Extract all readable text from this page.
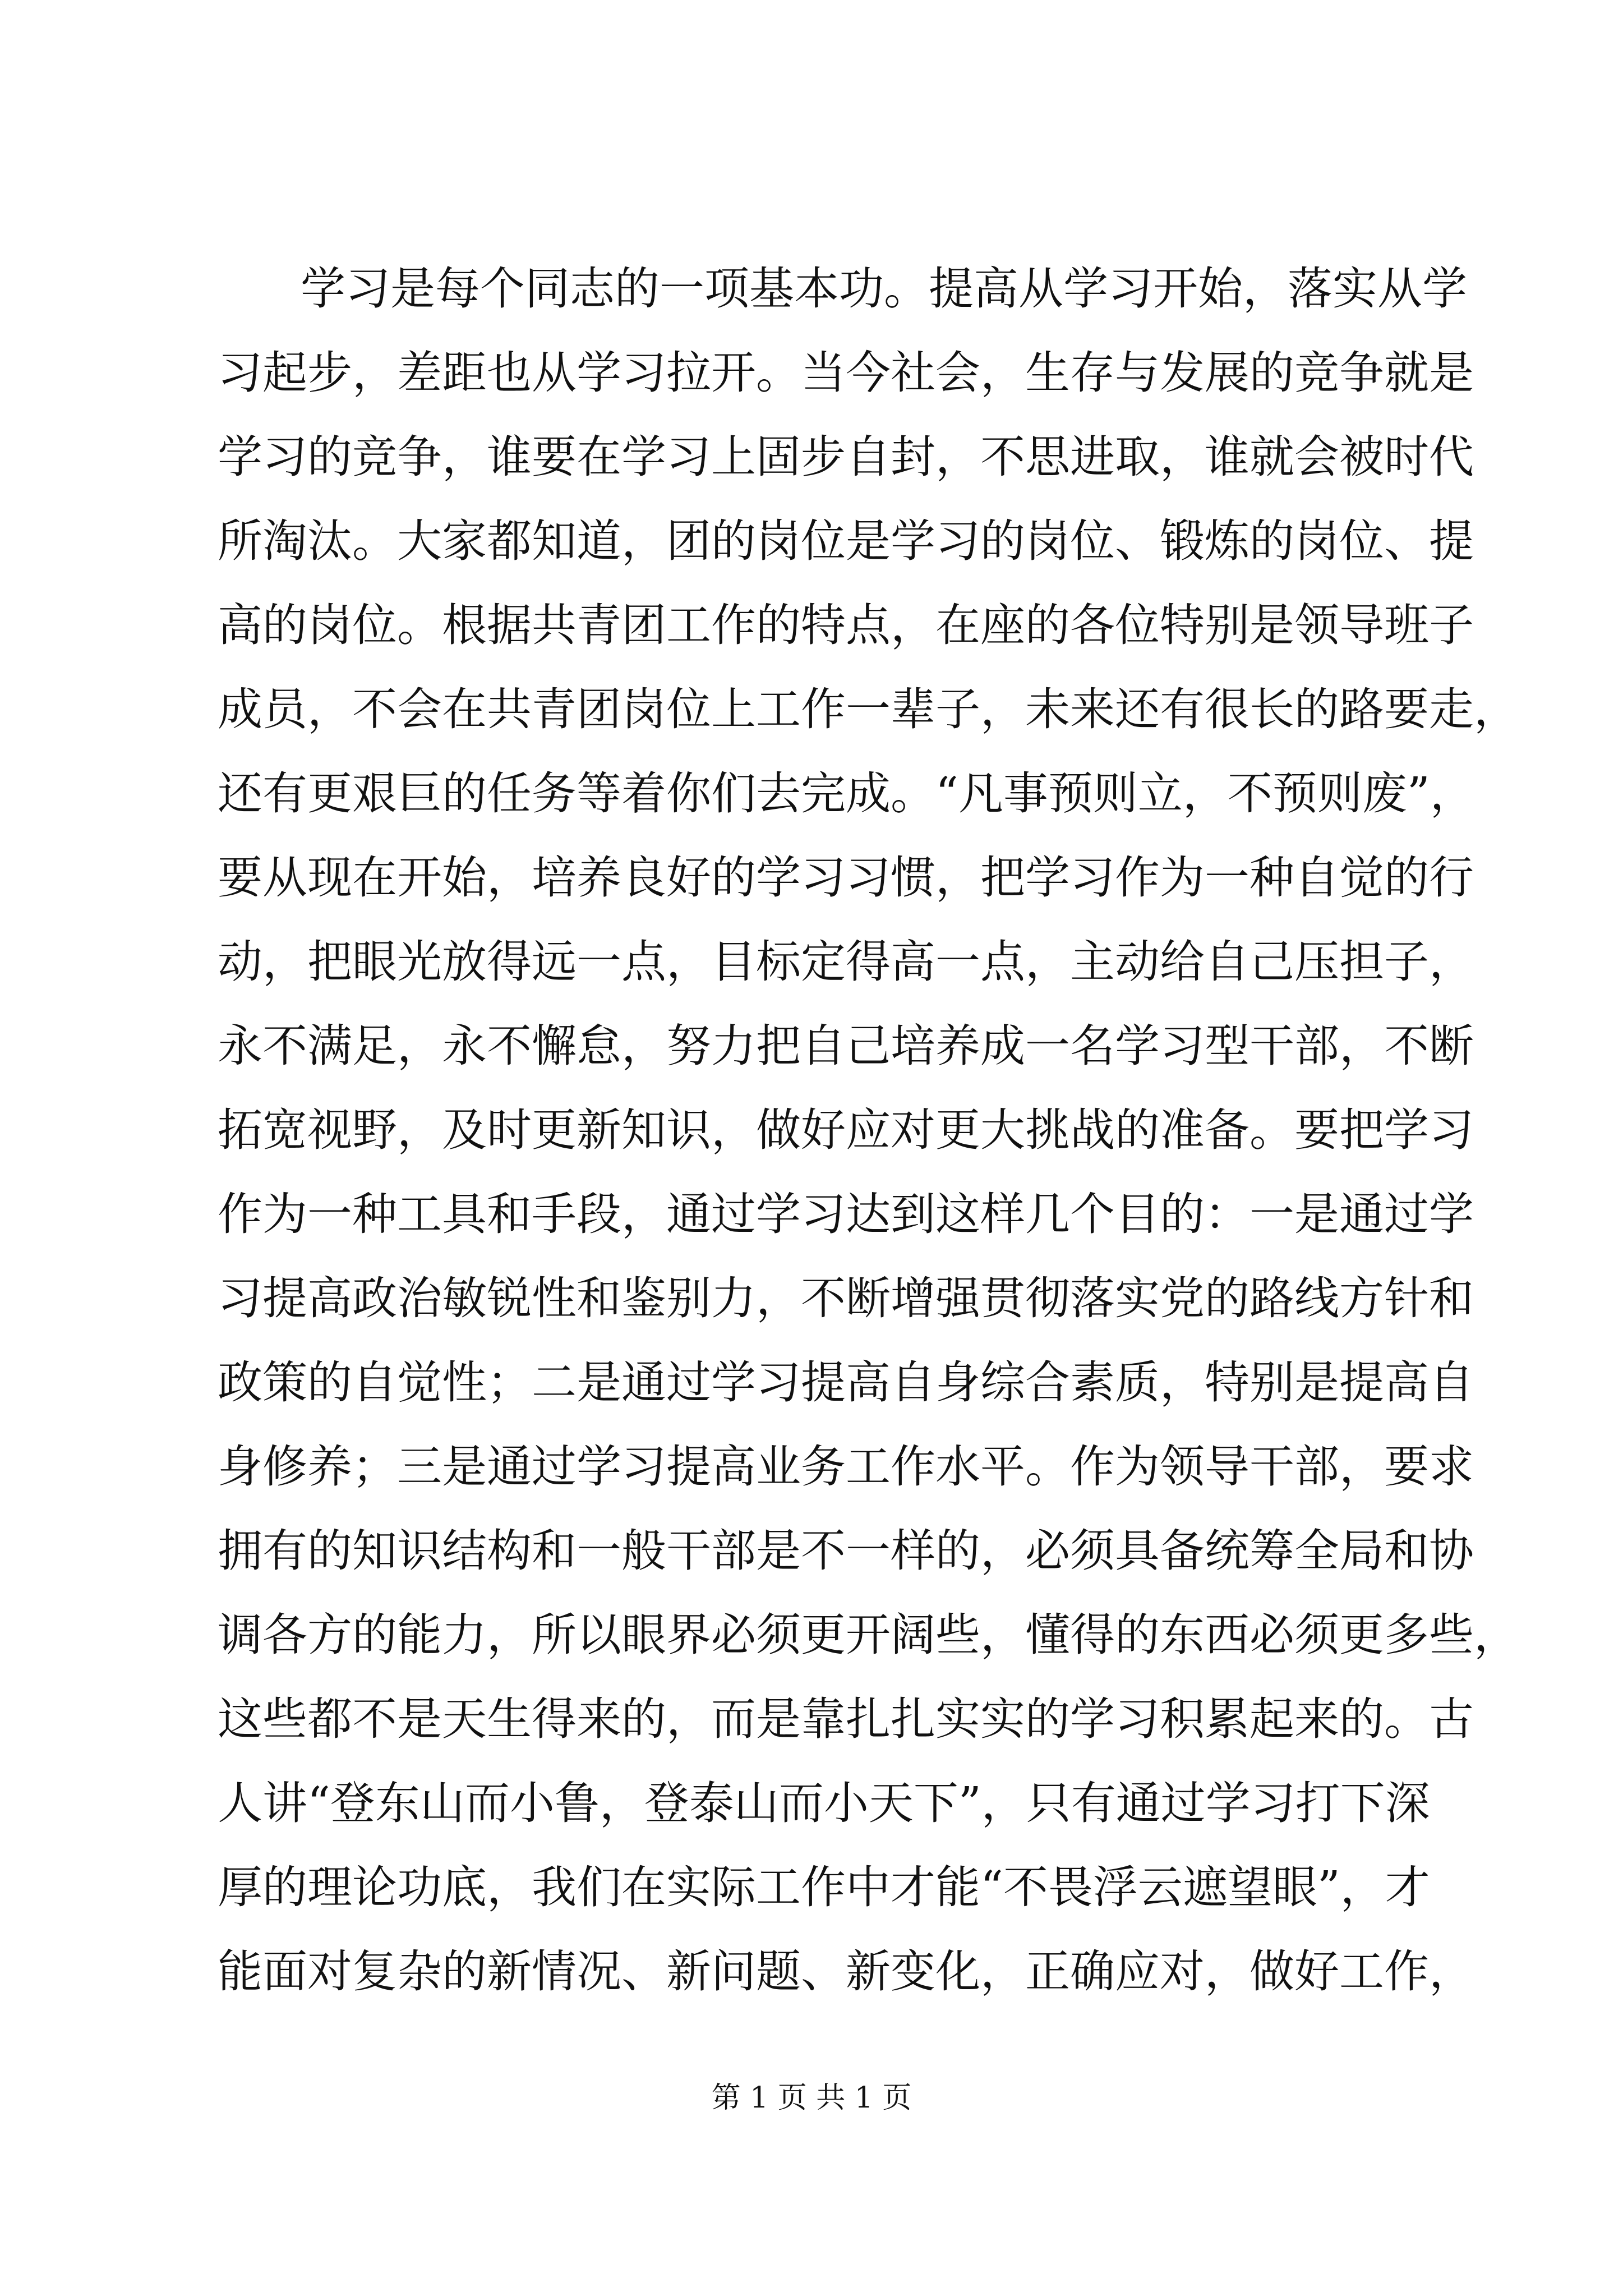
学习是每个同志的一项基本功。提高从学习开始，落实从学
习起步，差距也从学习拉开。当今社会，生存与发展的竞争就是
学习的竞争，谁要在学习上固步自封，不思进取，谁就会被时代
所淘汰。大家都知道，团的岗位是学习的岗位、锻炼的岗位、提
高的岗位。根据共青团工作的特点，在座的各位特别是领导班子
成员，不会在共青团岗位上工作一辈子，未来还有很长的路要走，
还有更艰巨的任务等着你们去完成。“凡事预则立，不预则废”，
要从现在开始，培养良好的学习习惯，把学习作为一种自觉的行
动，把眼光放得远一点，目标定得高一点，主动给自己压担子，
永不满足，永不懈怠，努力把自己培养成一名学习型干部，不断
拓宽视野，及时更新知识，做好应对更大挑战的准备。要把学习
作为一种工具和手段，通过学习达到这样几个目的：一是通过学
习提高政治敏锐性和鉴别力，不断增强贯彻落实党的路线方针和
政策的自觉性；二是通过学习提高自身综合素质，特别是提高自
身修养；三是通过学习提高业务工作水平。作为领导干部，要求
拥有的知识结构和一般干部是不一样的，必须具备统筹全局和协
调各方的能力，所以眼界必须更开阔些，懂得的东西必须更多些，
这些都不是天生得来的，而是靠扎扎实实的学习积累起来的。古
人讲“登东山而小鲁，登泰山而小天下”，只有通过学习打下深
厚的理论功底，我们在实际工作中才能“不畏浮云遮望眼”，才
能面对复杂的新情况、新问题、新变化，正确应对，做好工作，
第 1 页 共 1 页
